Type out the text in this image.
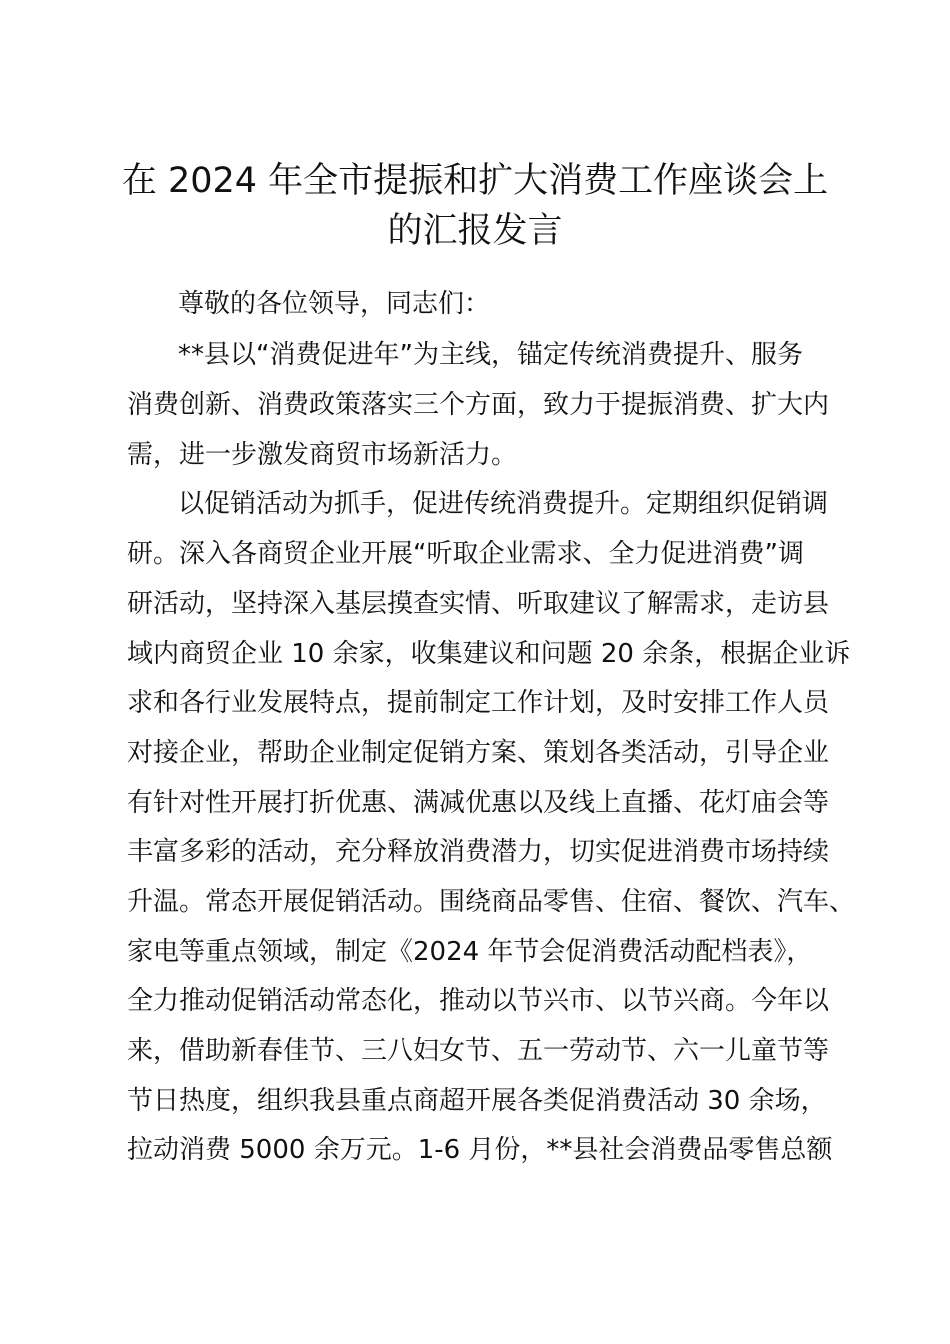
在 2024 年全市提振和扩大消费工作座谈会上
的汇报发言

尊敬的各位领导，同志们：

**县以“消费促进年”为主线，锚定传统消费提升、服务

消费创新、消费政策落实三个方面，致力于提振消费、扩大内

需，进一步激发商贸市场新活力。

以促销活动为抓手，促进传统消费提升。定期组织促销调

研。深入各商贸企业开展“听取企业需求、全力促进消费”调

研活动，坚持深入基层摸查实情、听取建议了解需求，走访县

域内商贸企业 10 余家，收集建议和问题 20 余条，根据企业诉

求和各行业发展特点，提前制定工作计划，及时安排工作人员

对接企业，帮助企业制定促销方案、策划各类活动，引导企业

有针对性开展打折优惠、满减优惠以及线上直播、花灯庙会等

丰富多彩的活动，充分释放消费潜力，切实促进消费市场持续

升温。常态开展促销活动。围绕商品零售、住宿、餐饮、汽车、

家电等重点领域，制定《2024 年节会促消费活动配档表》，

全力推动促销活动常态化，推动以节兴市、以节兴商。今年以

来，借助新春佳节、三八妇女节、五一劳动节、六一儿童节等

节日热度，组织我县重点商超开展各类促消费活动 30 余场，

拉动消费 5000 余万元。1-6 月份，**县社会消费品零售总额
